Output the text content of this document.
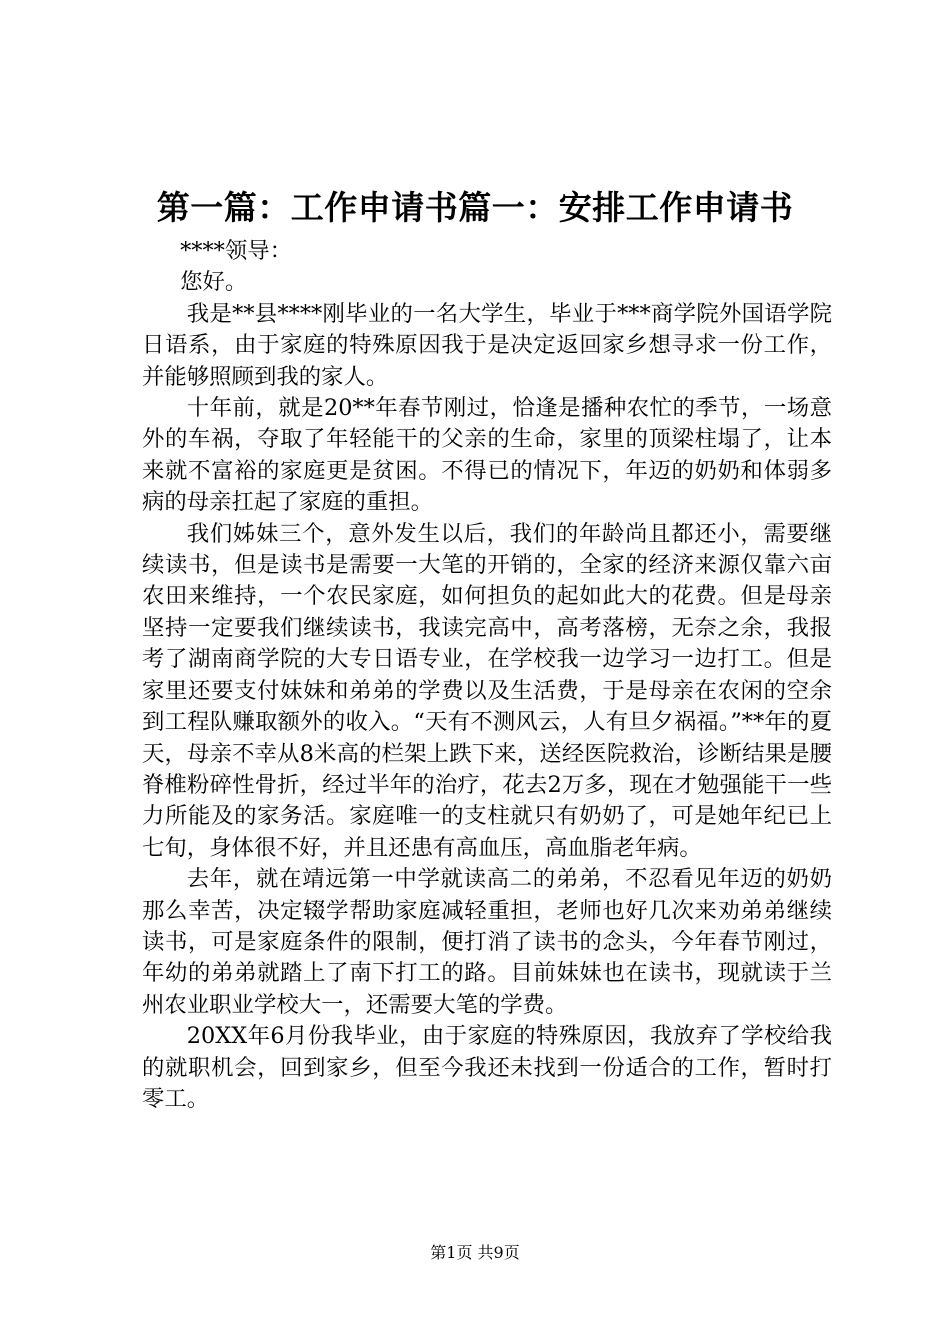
第一篇：工作申请书篇一：安排工作申请书

****领导：

您好。

我是**县****刚毕业的一名大学生，毕业于***商学院外国语学院日语系，由于家庭的特殊原因我于是决定返回家乡想寻求一份工作，并能够照顾到我的家人。

十年前，就是20**年春节刚过，恰逢是播种农忙的季节，一场意外的车祸，夺取了年轻能干的父亲的生命，家里的顶梁柱塌了，让本来就不富裕的家庭更是贫困。不得已的情况下，年迈的奶奶和体弱多病的母亲扛起了家庭的重担。

我们姊妹三个，意外发生以后，我们的年龄尚且都还小，需要继续读书，但是读书是需要一大笔的开销的，全家的经济来源仅靠六亩农田来维持，一个农民家庭，如何担负的起如此大的花费。但是母亲坚持一定要我们继续读书，我读完高中，高考落榜，无奈之余，我报考了湖南商学院的大专日语专业，在学校我一边学习一边打工。但是家里还要支付妹妹和弟弟的学费以及生活费，于是母亲在农闲的空余到工程队赚取额外的收入。“天有不测风云，人有旦夕祸福。”**年的夏天，母亲不幸从8米高的栏架上跌下来，送经医院救治，诊断结果是腰脊椎粉碎性骨折，经过半年的治疗，花去2万多，现在才勉强能干一些力所能及的家务活。家庭唯一的支柱就只有奶奶了，可是她年纪已上七旬，身体很不好，并且还患有高血压，高血脂老年病。

去年，就在靖远第一中学就读高二的弟弟，不忍看见年迈的奶奶那么幸苦，决定辍学帮助家庭减轻重担，老师也好几次来劝弟弟继续读书，可是家庭条件的限制，便打消了读书的念头，今年春节刚过，年幼的弟弟就踏上了南下打工的路。目前妹妹也在读书，现就读于兰州农业职业学校大一，还需要大笔的学费。

20XX年6月份我毕业，由于家庭的特殊原因，我放弃了学校给我的就职机会，回到家乡，但至今我还未找到一份适合的工作，暂时打零工。

第1页 共9页
